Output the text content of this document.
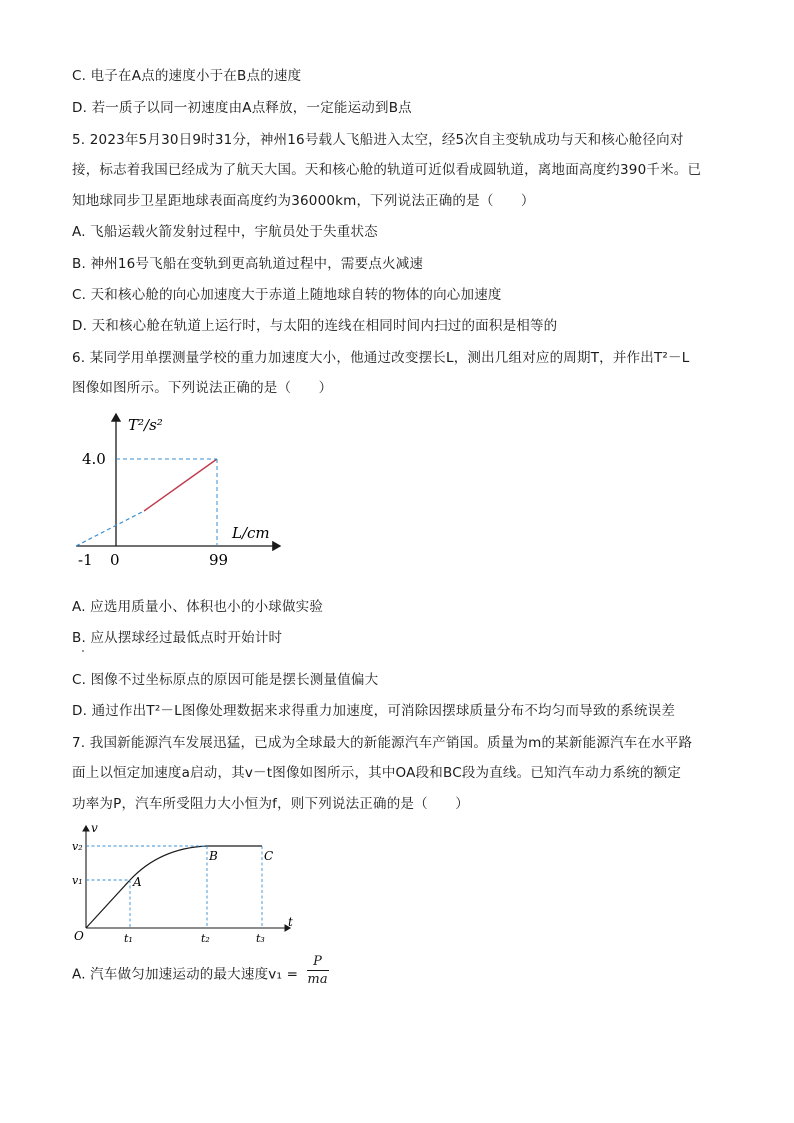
C. 电子在A点的速度小于在B点的速度
D. 若一质子以同一初速度由A点释放，一定能运动到B点
5. 2023年5月30日9时31分，神州16号载人飞船进入太空，经5次自主变轨成功与天和核心舱径向对
接，标志着我国已经成为了航天大国。天和核心舱的轨道可近似看成圆轨道，离地面高度约390千米。已
知地球同步卫星距地球表面高度约为36000km，下列说法正确的是（　　）
A. 飞船运载火箭发射过程中，宇航员处于失重状态
B. 神州16号飞船在变轨到更高轨道过程中，需要点火减速
C. 天和核心舱的向心加速度大于赤道上随地球自转的物体的向心加速度
D. 天和核心舱在轨道上运行时，与太阳的连线在相同时间内扫过的面积是相等的
6. 某同学用单摆测量学校的重力加速度大小，他通过改变摆长L，测出几组对应的周期T，并作出T²－L
图像如图所示。下列说法正确的是（　　）
T²/s²
L/cm
4.0
-1 0	99
A. 应选用质量小、体积也小的小球做实验
B. 应从摆球经过最低点时开始计时
C. 图像不过坐标原点的原因可能是摆长测量值偏大
D. 通过作出T²－L图像处理数据来求得重力加速度，可消除因摆球质量分布不均匀而导致的系统误差
7. 我国新能源汽车发展迅猛，已成为全球最大的新能源汽车产销国。质量为m的某新能源汽车在水平路
面上以恒定加速度a启动，其v－t图像如图所示，其中OA段和BC段为直线。已知汽车动力系统的额定
功率为P，汽车所受阻力大小恒为f，则下列说法正确的是（　　）
v
t
O
v₂
v₁
t₁	t₂	t₃
A
B	C
A. 汽车做匀加速运动的最大速度$v_1 = \frac{P}{ma}$
